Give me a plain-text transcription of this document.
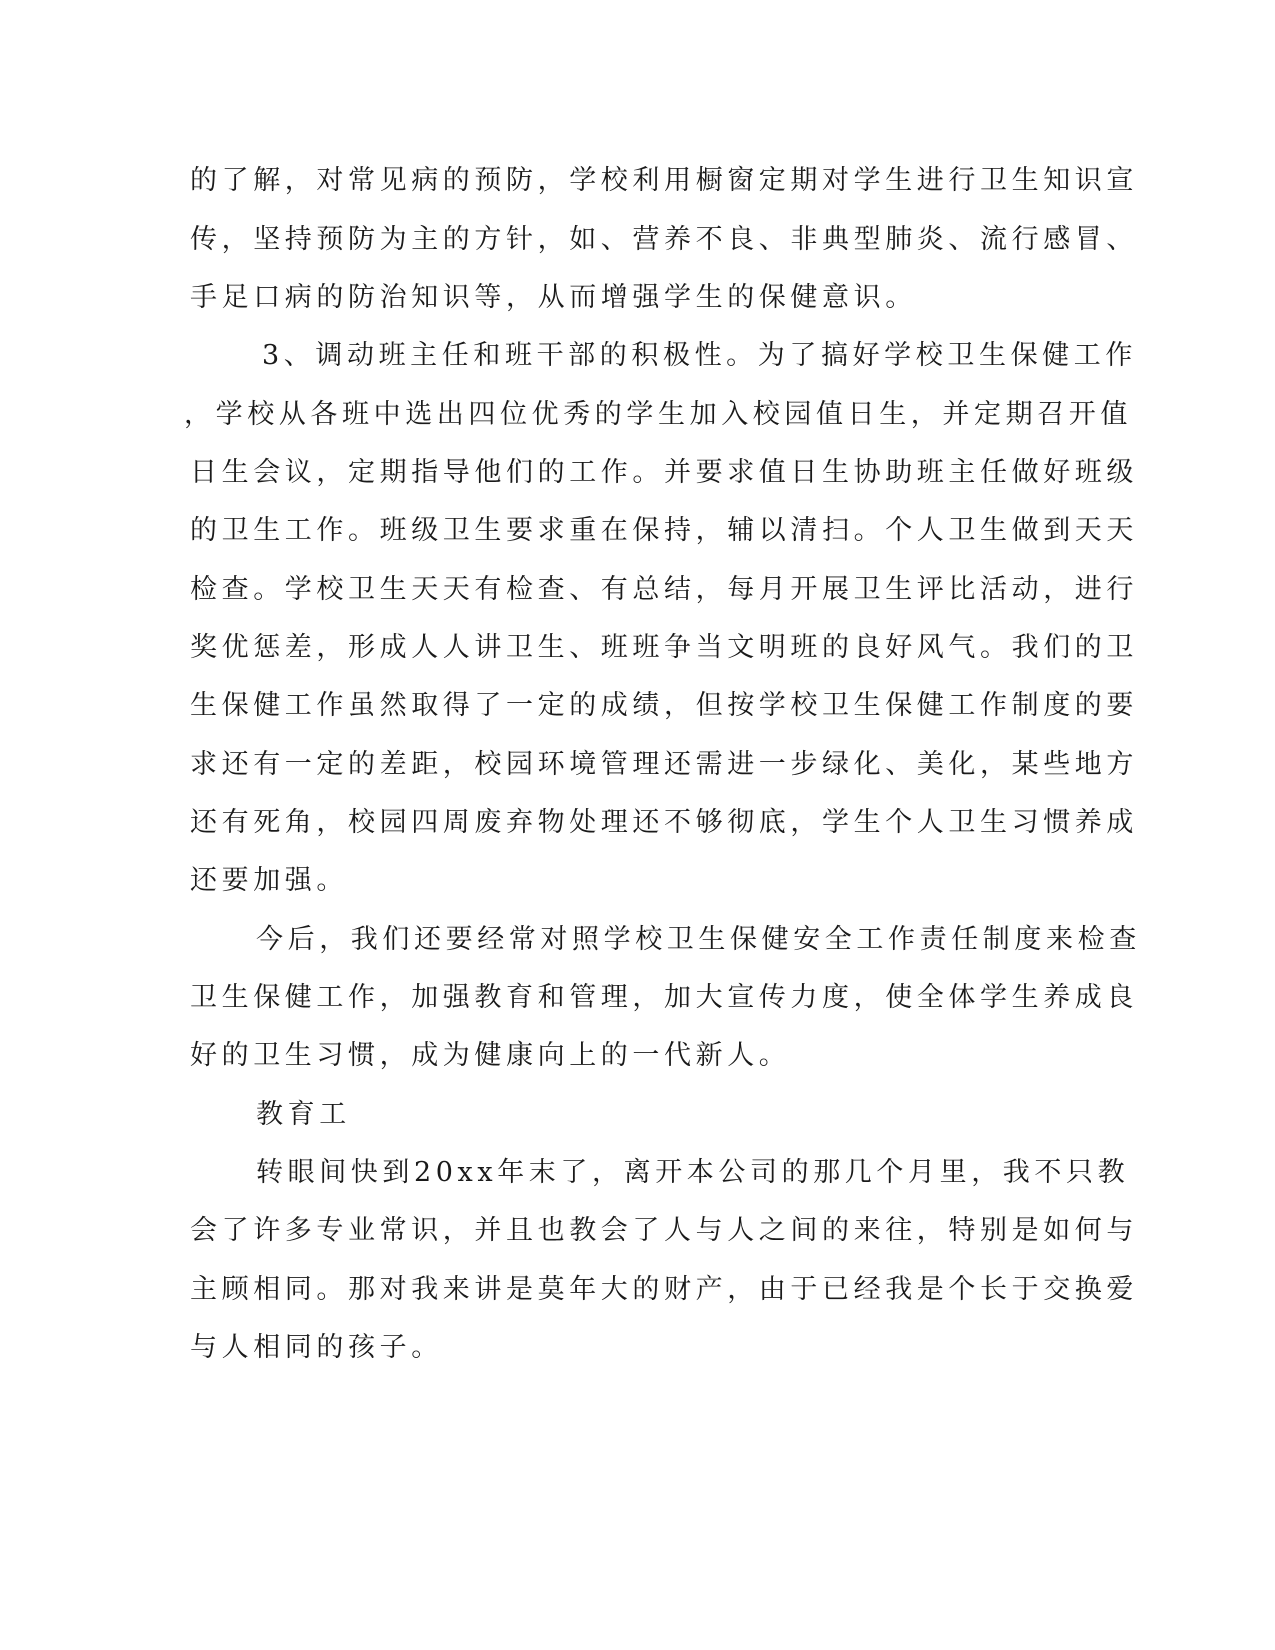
的了解，对常见病的预防，学校利用橱窗定期对学生进行卫生知识宣
传，坚持预防为主的方针，如、营养不良、非典型肺炎、流行感冒、
手足口病的防治知识等，从而增强学生的保健意识。
3、调动班主任和班干部的积极性。为了搞好学校卫生保健工作
，学校从各班中选出四位优秀的学生加入校园值日生，并定期召开值
日生会议，定期指导他们的工作。并要求值日生协助班主任做好班级
的卫生工作。班级卫生要求重在保持，辅以清扫。个人卫生做到天天
检查。学校卫生天天有检查、有总结，每月开展卫生评比活动，进行
奖优惩差，形成人人讲卫生、班班争当文明班的良好风气。我们的卫
生保健工作虽然取得了一定的成绩，但按学校卫生保健工作制度的要
求还有一定的差距，校园环境管理还需进一步绿化、美化，某些地方
还有死角，校园四周废弃物处理还不够彻底，学生个人卫生习惯养成
还要加强。
今后，我们还要经常对照学校卫生保健安全工作责任制度来检查
卫生保健工作，加强教育和管理，加大宣传力度，使全体学生养成良
好的卫生习惯，成为健康向上的一代新人。
教育工
转眼间快到20xx年末了，离开本公司的那几个月里，我不只教
会了许多专业常识，并且也教会了人与人之间的来往，特别是如何与
主顾相同。那对我来讲是莫年大的财产，由于已经我是个长于交换爱
与人相同的孩子。
